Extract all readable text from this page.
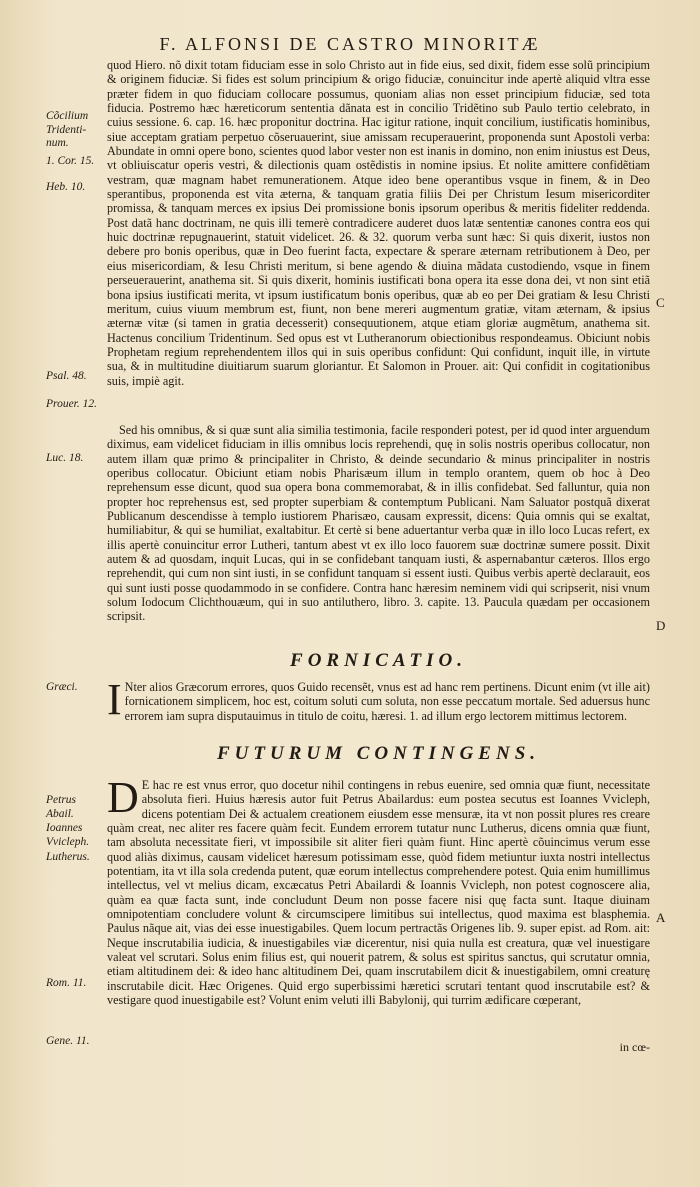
F. ALFONSI DE CASTRO MINORITÆ

quod Hiero. nõ dixit totam fiduciam esse in solo Christo aut in fide eius, sed dixit, fidem esse solũ principium & originem fiduciæ. Si fides est solum principium & origo fiduciæ, conuincitur inde apertè aliquid vltra esse præter fidem in quo fiduciam collocare possumus, quoniam alias non esset principium fiduciæ, sed tota fiducia. Postremo hæc hæreticorum sententia dãnata est in concilio Tridẽtino sub Paulo tertio celebrato, in cuius sessione. 6. cap. 16. hæc proponitur doctrina. Hac igitur ratione, inquit concilium, iustificatis hominibus, siue acceptam gratiam perpetuo cõseruauerint, siue amissam recuperauerint, proponenda sunt Apostoli verba: Abundate in omni opere bono, scientes quod labor vester non est inanis in domino, non enim iniustus est Deus, vt obliuiscatur operis vestri, & dilectionis quam ostẽdistis in nomine ipsius. Et nolite amittere confidẽtiam vestram, quæ magnam habet remunerationem. Atque ideo bene operantibus vsque in finem, & in Deo sperantibus, proponenda est vita æterna, & tanquam gratia filiis Dei per Christum Iesum misericorditer promissa, & tanquam merces ex ipsius Dei promissione bonis ipsorum operibus & meritis fideliter reddenda. Post datã hanc doctrinam, ne quis illi temerè contradicere auderet duos latæ sententiæ canones contra eos qui huic doctrinæ repugnauerint, statuit videlicet. 26. & 32. quorum verba sunt hæc: Si quis dixerit, iustos non debere pro bonis operibus, quæ in Deo fuerint facta, expectare & sperare æternam retributionem à Deo, per eius misericordiam, & Iesu Christi meritum, si bene agendo & diuina mãdata custodiendo, vsque in finem perseuerauerint, anathema sit. Si quis dixerit, hominis iustificati bona opera ita esse dona dei, vt non sint etiã bona ipsius iustificati merita, vt ipsum iustificatum bonis operibus, quæ ab eo per Dei gratiam & Iesu Christi meritum, cuius viuum membrum est, fiunt, non bene mereri augmentum gratiæ, vitam æternam, & ipsius æternæ vitæ (si tamen in gratia decesserit) consequutionem, atque etiam gloriæ augmẽtum, anathema sit. Hactenus concilium Tridentinum. Sed opus est vt Lutheranorum obiectionibus respondeamus. Obiciunt nobis Prophetam regium reprehendentem illos qui in suis operibus confidunt: Qui confidunt, inquit ille, in virtute sua, & in multitudine diuitiarum suarum gloriantur. Et Salomon in Prouer. ait: Qui confidit in cogitationibus suis, impiè agit.

Sed his omnibus, & si quæ sunt alia similia testimonia, facile responderi potest, per id quod inter arguendum diximus, eam videlicet fiduciam in illis omnibus locis reprehendi, quę in solis nostris operibus collocatur, non autem illam quæ primo & principaliter in Christo, & deinde secundario & minus principaliter in nostris operibus collocatur. Obiciunt etiam nobis Pharisæum illum in templo orantem, quem ob hoc à Deo reprehensum esse dicunt, quod sua opera bona commemorabat, & in illis confidebat. Sed falluntur, quia non propter hoc reprehensus est, sed propter superbiam & contemptum Publicani. Nam Saluator postquã dixerat Publicanum descendisse à templo iustiorem Pharisæo, causam expressit, dicens: Quia omnis qui se exaltat, humiliabitur, & qui se humiliat, exaltabitur. Et certè si bene aduertantur verba quæ in illo loco Lucas refert, ex illis apertè conuincitur error Lutheri, tantum abest vt ex illo loco fauorem suæ doctrinæ sumere possit. Dixit autem & ad quosdam, inquit Lucas, qui in se confidebant tanquam iusti, & aspernabantur cæteros. Illos ergo reprehendit, qui cum non sint iusti, in se confidunt tanquam si essent iusti. Quibus verbis apertè declarauit, eos qui sunt iusti posse quodammodo in se confidere. Contra hanc hæresim neminem vidi qui scripserit, nisi vnum solum Iodocum Clichthouæum, qui in suo antiluthero, libro. 3. capite. 13. Paucula quædam per occasionem scripsit.

FORNICATIO.
I Nter alios Græcorum errores, quos Guido recensẽt, vnus est ad hanc rem pertinens. Dicunt enim (vt ille ait) fornicationem simplicem, hoc est, coitum soluti cum soluta, non esse peccatum mortale. Sed aduersus hunc errorem iam supra disputauimus in titulo de coitu, hæresi. 1. ad illum ergo lectorem mittimus lectorem.
FUTURUM CONTINGENS.
D E hac re est vnus error, quo docetur nihil contingens in rebus euenire, sed omnia quæ fiunt, necessitate absoluta fieri. Huius hæresis autor fuit Petrus Abailardus: eum postea secutus est Ioannes Vvicleph, dicens potentiam Dei & actualem creationem eiusdem esse mensuræ, ita vt non possit plures res creare quàm creat, nec aliter res facere quàm fecit. Eundem errorem tutatur nunc Lutherus, dicens omnia quæ fiunt, tam absoluta necessitate fieri, vt impossibile sit aliter fieri quàm fiunt. Hinc apertè cõuincimus verum esse quod aliàs diximus, causam videlicet hæresum potissimam esse, quòd fidem metiuntur iuxta nostri intellectus potentiam, ita vt illa sola credenda putent, quæ eorum intellectus comprehendere potest. Quia enim humillimus intellectus, vel vt melius dicam, excæcatus Petri Abailardi & Ioannis Vvicleph, non potest cognoscere alia, quàm ea quæ facta sunt, inde concludunt Deum non posse facere nisi quę facta sunt. Itaque diuinam omnipotentiam concludere volunt & circumscipere limitibus sui intellectus, quod maxima est blasphemia. Paulus nãque ait, vias dei esse inuestigabiles. Quem locum pertractãs Origenes lib. 9. super epist. ad Rom. ait: Neque inscrutabilia iudicia, & inuestigabiles viæ dicerentur, nisi quia nulla est creatura, quæ vel inuestigare valeat vel scrutari. Solus enim filius est, qui nouerit patrem, & solus est spiritus sanctus, qui scrutatur omnia, etiam altitudinem dei: & ideo hanc altitudinem Dei, quam inscrutabilem dicit & inuestigabilem, omni creaturę inscrutabile dicit. Hæc Origenes. Quid ergo superbissimi hæretici scrutari tentant quod inscrutabile est? & vestigare quod inuestigabile est? Volunt enim veluti illi Babylonij, qui turrim ædificare cœperant,
in cœ-
Cõcilium Tridenti-num.
1. Cor. 15.
Heb. 10.
Psal. 48.
Prouer. 12.
Luc. 18.
Græci.
Petrus Abail.
Ioannes Vvicleph.
Lutherus.
Rom. 11.
Gene. 11.
C
D
A
